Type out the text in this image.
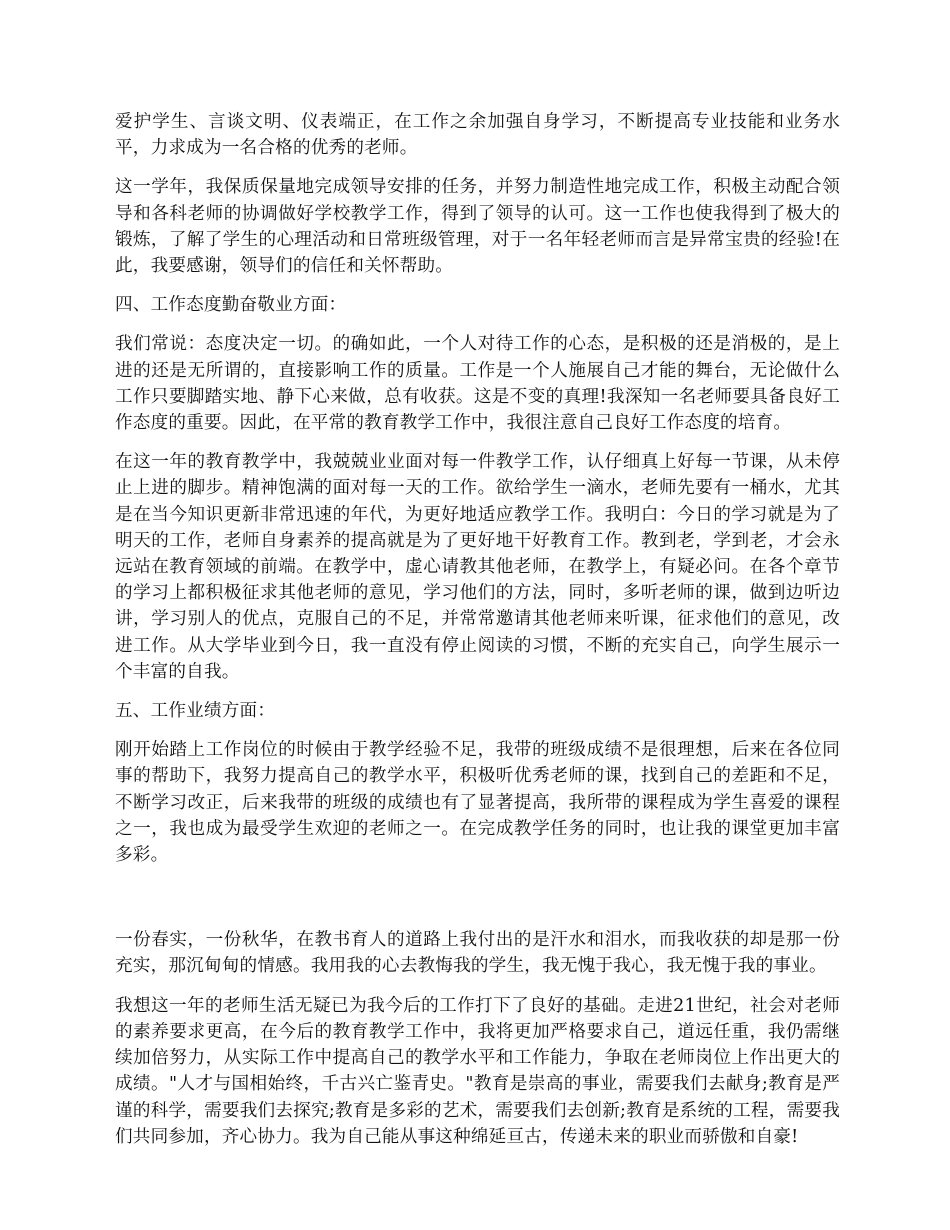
爱护学生、言谈文明、仪表端正，在工作之余加强自身学习，不断提高专业技能和业务水平，力求成为一名合格的优秀的老师。

这一学年，我保质保量地完成领导安排的任务，并努力制造性地完成工作，积极主动配合领导和各科老师的协调做好学校教学工作，得到了领导的认可。这一工作也使我得到了极大的锻炼，了解了学生的心理活动和日常班级管理，对于一名年轻老师而言是异常宝贵的经验!在此，我要感谢，领导们的信任和关怀帮助。

四、工作态度勤奋敬业方面：

我们常说：态度决定一切。的确如此，一个人对待工作的心态，是积极的还是消极的，是上进的还是无所谓的，直接影响工作的质量。工作是一个人施展自己才能的舞台，无论做什么工作只要脚踏实地、静下心来做，总有收获。这是不变的真理!我深知一名老师要具备良好工作态度的重要。因此，在平常的教育教学工作中，我很注意自己良好工作态度的培育。

在这一年的教育教学中，我兢兢业业面对每一件教学工作，认仔细真上好每一节课，从未停止上进的脚步。精神饱满的面对每一天的工作。欲给学生一滴水，老师先要有一桶水，尤其是在当今知识更新非常迅速的年代，为更好地适应教学工作。我明白：今日的学习就是为了明天的工作，老师自身素养的提高就是为了更好地干好教育工作。教到老，学到老，才会永远站在教育领域的前端。在教学中，虚心请教其他老师，在教学上，有疑必问。在各个章节的学习上都积极征求其他老师的意见，学习他们的方法，同时，多听老师的课，做到边听边讲，学习别人的优点，克服自己的不足，并常常邀请其他老师来听课，征求他们的意见，改进工作。从大学毕业到今日，我一直没有停止阅读的习惯，不断的充实自己，向学生展示一个丰富的自我。

五、工作业绩方面：

刚开始踏上工作岗位的时候由于教学经验不足，我带的班级成绩不是很理想，后来在各位同事的帮助下，我努力提高自己的教学水平，积极听优秀老师的课，找到自己的差距和不足，不断学习改正，后来我带的班级的成绩也有了显著提高，我所带的课程成为学生喜爱的课程之一，我也成为最受学生欢迎的老师之一。在完成教学任务的同时，也让我的课堂更加丰富多彩。

一份春实，一份秋华，在教书育人的道路上我付出的是汗水和泪水，而我收获的却是那一份充实，那沉甸甸的情感。我用我的心去教悔我的学生，我无愧于我心，我无愧于我的事业。

我想这一年的老师生活无疑已为我今后的工作打下了良好的基础。走进21世纪，社会对老师的素养要求更高，在今后的教育教学工作中，我将更加严格要求自己，道远任重，我仍需继续加倍努力，从实际工作中提高自己的教学水平和工作能力，争取在老师岗位上作出更大的成绩。"人才与国相始终，千古兴亡鉴青史。"教育是崇高的事业，需要我们去献身;教育是严谨的科学，需要我们去探究;教育是多彩的艺术，需要我们去创新;教育是系统的工程，需要我们共同参加，齐心协力。我为自己能从事这种绵延亘古，传递未来的职业而骄傲和自豪!
